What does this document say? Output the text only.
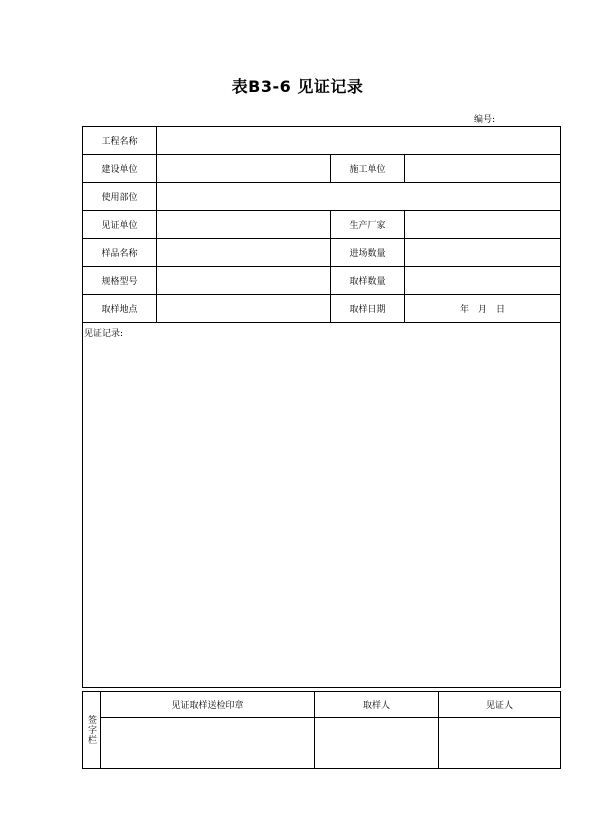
表B3-6 见证记录
编号:
工程名称			
建设单位		施工单位	
使用部位			
见证单位		生产厂家	
样品名称		进场数量	
规格型号		取样数量	
取样地点		取样日期	年　月　日

见证记录:			
签字栏	见证取样送检印章	取样人	见证人
